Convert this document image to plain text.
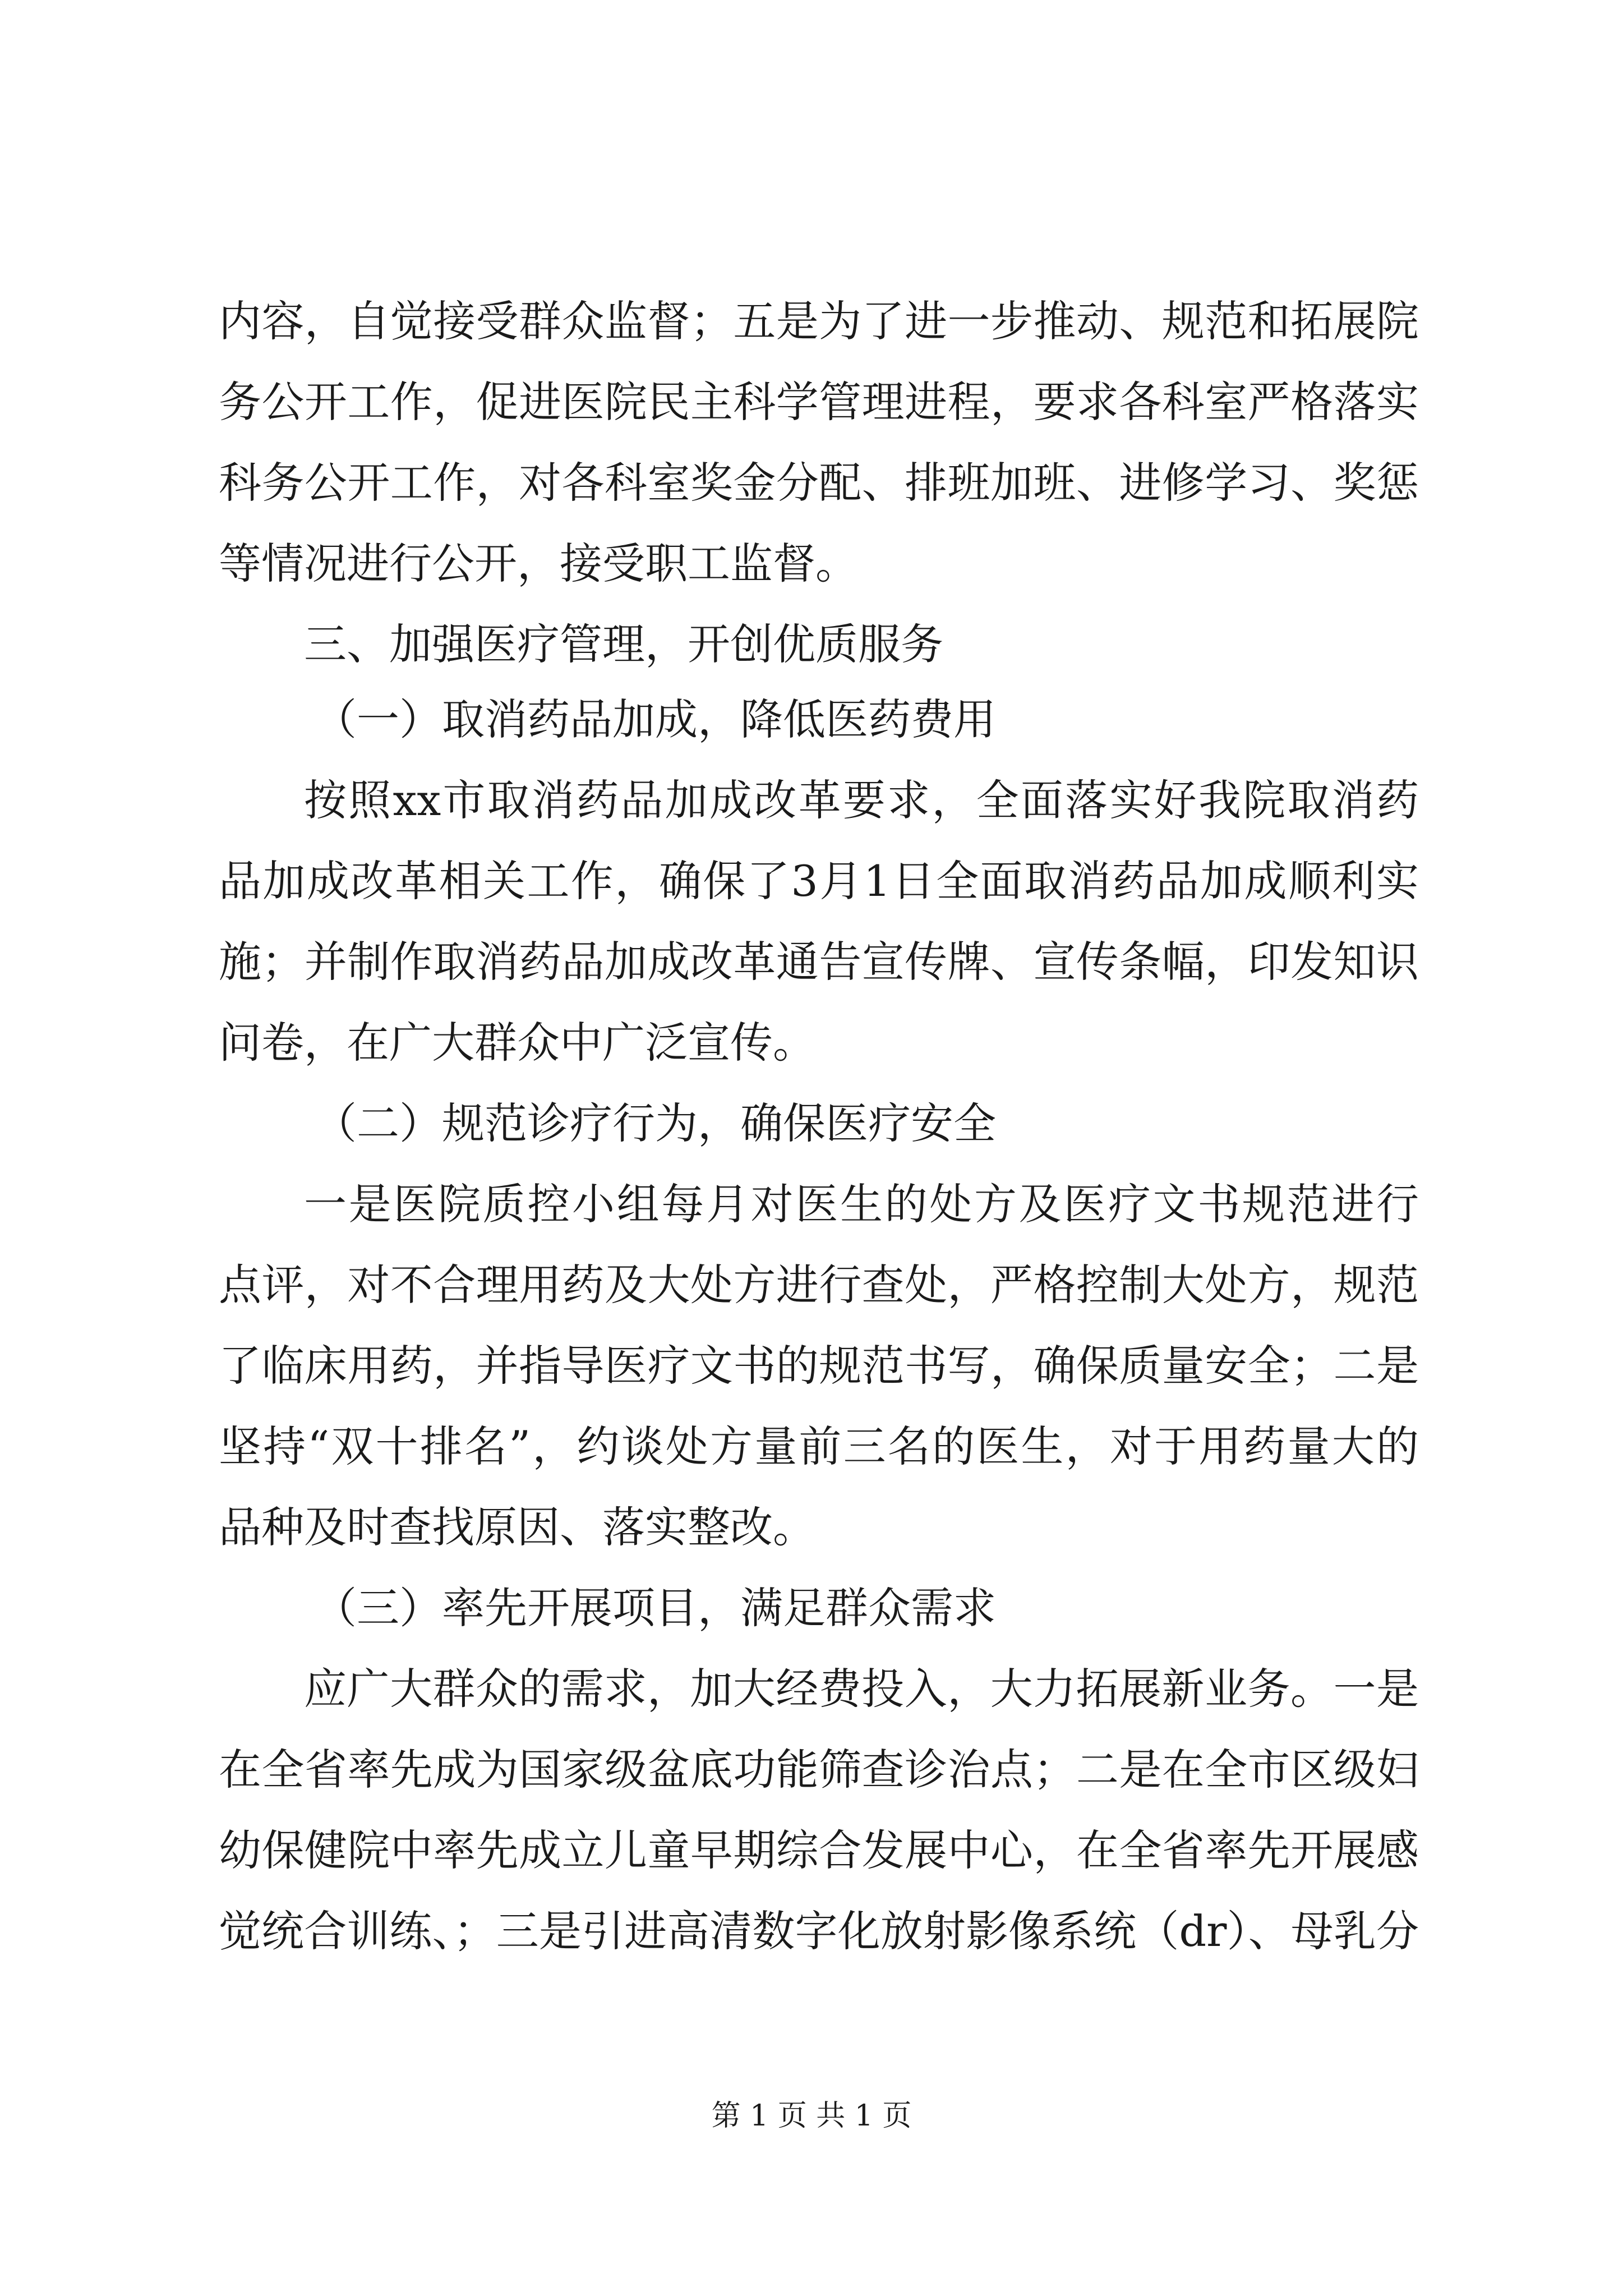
内容，自觉接受群众监督；五是为了进一步推动、规范和拓展院

务公开工作，促进医院民主科学管理进程，要求各科室严格落实

科务公开工作，对各科室奖金分配、排班加班、进修学习、奖惩

等情况进行公开，接受职工监督。

三、加强医疗管理，开创优质服务

（一）取消药品加成，降低医药费用

按照xx市取消药品加成改革要求，全面落实好我院取消药

品加成改革相关工作，确保了3月1日全面取消药品加成顺利实

施；并制作取消药品加成改革通告宣传牌、宣传条幅，印发知识

问卷，在广大群众中广泛宣传。

（二）规范诊疗行为，确保医疗安全

一是医院质控小组每月对医生的处方及医疗文书规范进行

点评，对不合理用药及大处方进行查处，严格控制大处方，规范

了临床用药，并指导医疗文书的规范书写，确保质量安全；二是

坚持“双十排名”，约谈处方量前三名的医生，对于用药量大的

品种及时查找原因、落实整改。

（三）率先开展项目，满足群众需求

应广大群众的需求，加大经费投入，大力拓展新业务。一是

在全省率先成为国家级盆底功能筛查诊治点；二是在全市区级妇

幼保健院中率先成立儿童早期综合发展中心，在全省率先开展感

觉统合训练、；三是引进高清数字化放射影像系统（dr）、母乳分

第 1 页 共 1 页
